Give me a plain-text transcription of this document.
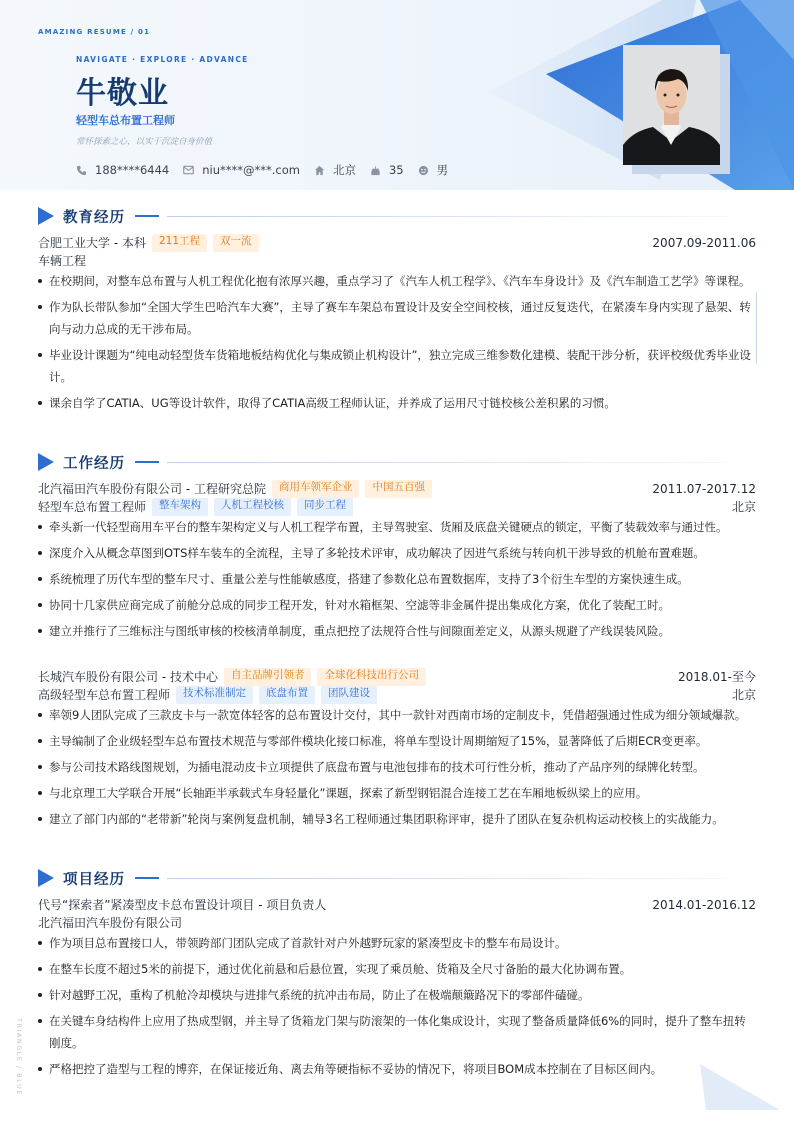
AMAZING RESUME / 01
NAVIGATE · EXPLORE · ADVANCE
牛敬业
轻型车总布置工程师
常怀探索之心，以实干沉淀自身价值
188****6444	niu****@***.com	北京	35	男
教育经历
合肥工业大学 - 本科	211工程	双一流	2007.09-2011.06
车辆工程
在校期间，对整车总布置与人机工程优化抱有浓厚兴趣，重点学习了《汽车人机工程学》、《汽车车身设计》及《汽车制造工艺学》等课程。
作为队长带队参加“全国大学生巴哈汽车大赛”，主导了赛车车架总布置设计及安全空间校核，通过反复迭代，在紧凑车身内实现了悬架、转向与动力总成的无干涉布局。
毕业设计课题为“纯电动轻型货车货箱地板结构优化与集成锁止机构设计”，独立完成三维参数化建模、装配干涉分析，获评校级优秀毕业设计。
课余自学了CATIA、UG等设计软件，取得了CATIA高级工程师认证，并养成了运用尺寸链校核公差积累的习惯。
工作经历
北汽福田汽车股份有限公司 - 工程研究总院	商用车领军企业	中国五百强	2011.07-2017.12
轻型车总布置工程师	整车架构	人机工程校核	同步工程	北京
牵头新一代轻型商用车平台的整车架构定义与人机工程学布置，主导驾驶室、货厢及底盘关键硬点的锁定，平衡了装载效率与通过性。
深度介入从概念草图到OTS样车装车的全流程，主导了多轮技术评审，成功解决了因进气系统与转向机干涉导致的机舱布置难题。
系统梳理了历代车型的整车尺寸、重量公差与性能敏感度，搭建了参数化总布置数据库，支持了3个衍生车型的方案快速生成。
协同十几家供应商完成了前舱分总成的同步工程开发，针对水箱框架、空滤等非金属件提出集成化方案，优化了装配工时。
建立并推行了三维标注与图纸审核的校核清单制度，重点把控了法规符合性与间隙面差定义，从源头规避了产线误装风险。
长城汽车股份有限公司 - 技术中心	自主品牌引领者	全球化科技出行公司	2018.01-至今
高级轻型车总布置工程师	技术标准制定	底盘布置	团队建设	北京
率领9人团队完成了三款皮卡与一款宽体轻客的总布置设计交付，其中一款针对西南市场的定制皮卡，凭借超强通过性成为细分领域爆款。
主导编制了企业级轻型车总布置技术规范与零部件模块化接口标准，将单车型设计周期缩短了15%，显著降低了后期ECR变更率。
参与公司技术路线图规划，为插电混动皮卡立项提供了底盘布置与电池包排布的技术可行性分析，推动了产品序列的绿牌化转型。
与北京理工大学联合开展“长轴距半承载式车身轻量化”课题，探索了新型钢铝混合连接工艺在车厢地板纵梁上的应用。
建立了部门内部的“老带新”轮岗与案例复盘机制，辅导3名工程师通过集团职称评审，提升了团队在复杂机构运动校核上的实战能力。
项目经历
代号“探索者”紧凑型皮卡总布置设计项目 - 项目负责人	2014.01-2016.12
北汽福田汽车股份有限公司
作为项目总布置接口人，带领跨部门团队完成了首款针对户外越野玩家的紧凑型皮卡的整车布局设计。
在整车长度不超过5米的前提下，通过优化前悬和后悬位置，实现了乘员舱、货箱及全尺寸备胎的最大化协调布置。
针对越野工况，重构了机舱冷却模块与进排气系统的抗冲击布局，防止了在极端颠簸路况下的零部件磕碰。
在关键车身结构件上应用了热成型钢，并主导了货箱龙门架与防滚架的一体化集成设计，实现了整备质量降低6%的同时，提升了整车扭转刚度。
严格把控了造型与工程的博弈，在保证接近角、离去角等硬指标不妥协的情况下，将项目BOM成本控制在了目标区间内。
TRIANGLE / BLUE
